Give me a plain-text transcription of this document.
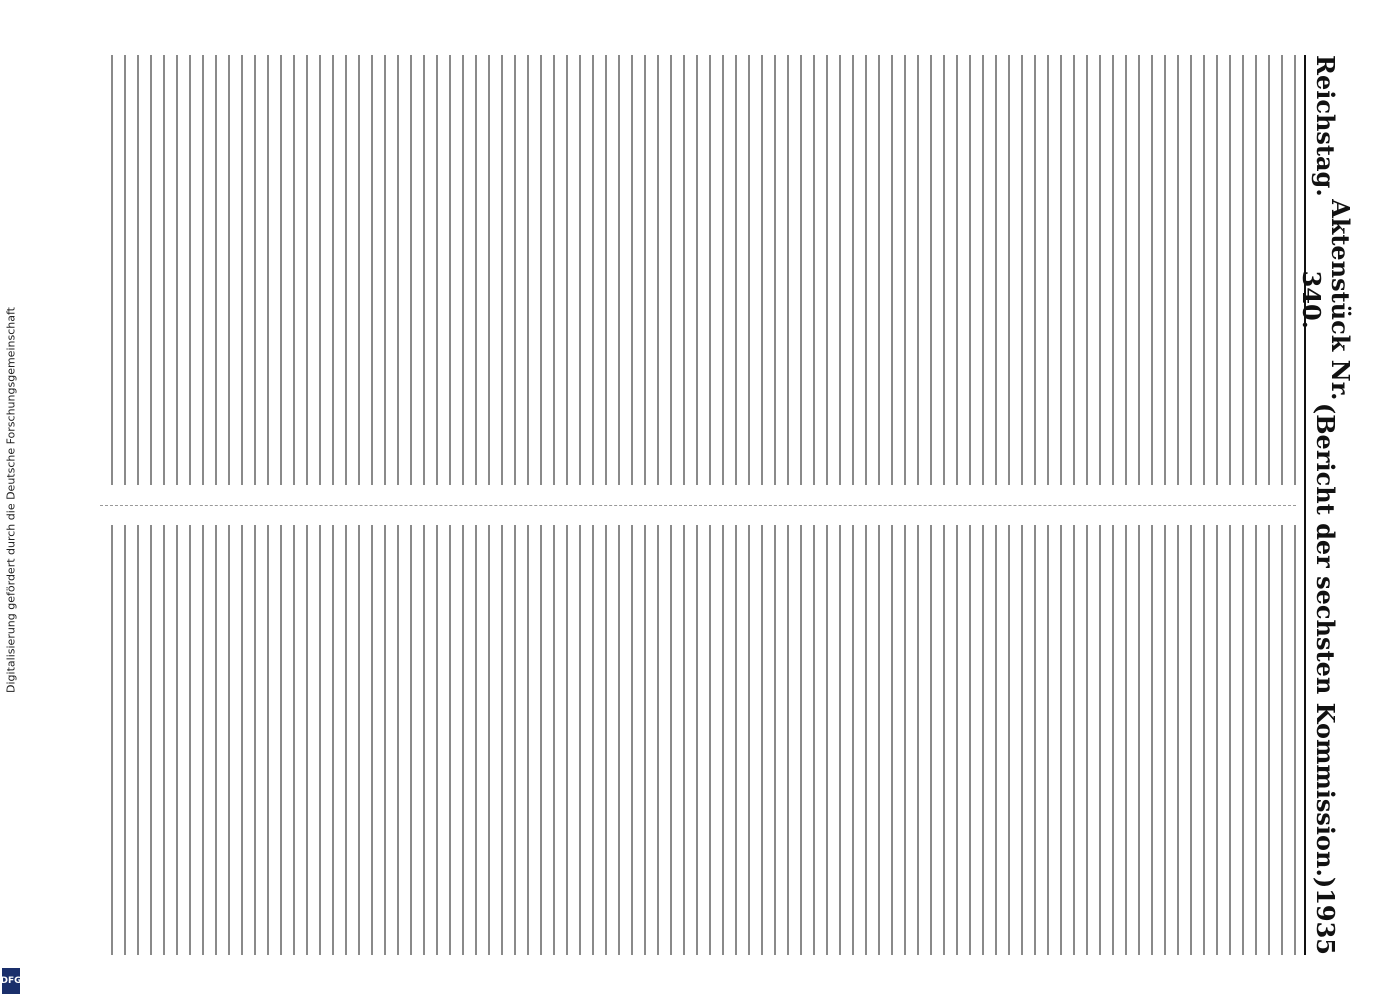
Digitalisierung gefördert durch die Deutsche Forschungsgemeinschaft
DFG
Reichstag.
Aktenstück Nr. 340.
(Bericht der sechsten Kommission.)
1935
